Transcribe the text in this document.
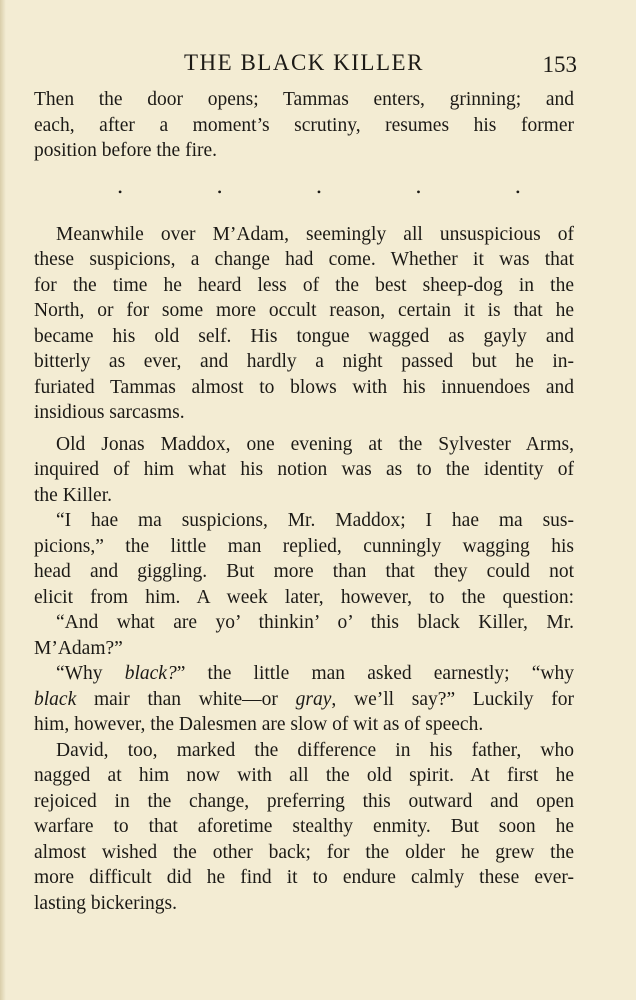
THE BLACK KILLER	153
Then the door opens; Tammas enters, grinning; and
each, after a moment’s scrutiny, resumes his former
position before the fire.
•	•	•	•	•
Meanwhile over M’Adam, seemingly all unsuspicious of
these suspicions, a change had come. Whether it was that
for the time he heard less of the best sheep-dog in the
North, or for some more occult reason, certain it is that he
became his old self. His tongue wagged as gayly and
bitterly as ever, and hardly a night passed but he in-
furiated Tammas almost to blows with his innuendoes and
insidious sarcasms.
Old Jonas Maddox, one evening at the Sylvester Arms,
inquired of him what his notion was as to the identity of
the Killer.
“I hae ma suspicions, Mr. Maddox; I hae ma sus-
picions,” the little man replied, cunningly wagging his
head and giggling. But more than that they could not
elicit from him. A week later, however, to the question:
“And what are yo’ thinkin’ o’ this black Killer, Mr.
M’Adam?”
“Why black?” the little man asked earnestly; “why
black mair than white—or gray, we’ll say?” Luckily for
him, however, the Dalesmen are slow of wit as of speech.
David, too, marked the difference in his father, who
nagged at him now with all the old spirit. At first he
rejoiced in the change, preferring this outward and open
warfare to that aforetime stealthy enmity. But soon he
almost wished the other back; for the older he grew the
more difficult did he find it to endure calmly these ever-
lasting bickerings.
